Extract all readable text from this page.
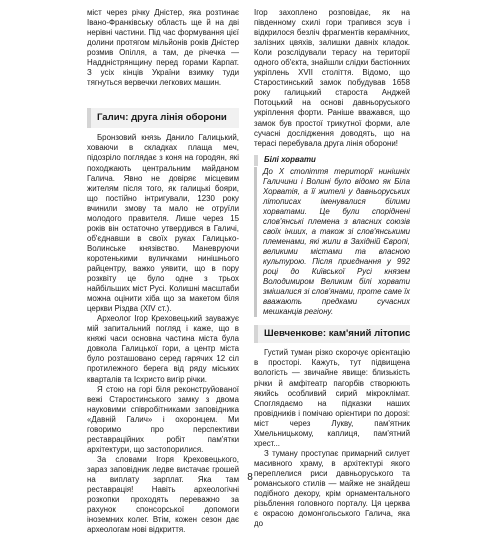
міст через річку Дністер, яка розтинає Івано-Франківську область ще й на дві нерівні частини. Під час формування цієї долини протягом мільйонів років Дністер розмив Опілля, а там, де річечка — Наддністрянщину перед горами Карпат. З усіх кінців України взимку туди тягнуться вервечки легкових машин.

Галич: друга лінія оборони

Бронзовий князь Данило Галицький, ховаючи в складках плаща меч, підозріло поглядає з коня на городян, які походжають центральним майданом Галича. Явно не довіряє місцевим жителям після того, як галицькі бояри, що постійно інтригували, 1230 року вчинили змову та мало не отруїли молодого правителя. Лише через 15 років він остаточно утвердився в Галичі, об'єднавши в своїх руках Галицько-Волинське князівство. Маневруючи коротенькими вуличками нинішнього райцентру, важко уявити, що в пору розквіту це було одне з трьох найбільших міст Русі. Колишні масштаби можна оцінити хіба що за макетом біля церкви Різдва (XIV ст.).

Археолог Ігор Креховецький зауважує мій запитальний погляд і каже, що в княжі часи основна частина міста була довкола Галицької гори, а центр міста було розташовано серед гарячих 12 сіл протилежного берега від ряду міських кварталів та Ісхристо вигір річки.

Я стою на горі біля реконструйованої вежі Старостинського замку з двома науковими співробітниками заповідника «Давній Галич» і охоронцем. Ми говоримо про перспективи реставраційних робіт пам'ятки архітектури, що застопорилися.

За словами Ігоря Креховецького, зараз заповідник ледве вистачає грошей на виплату зарплат. Яка там реставрація! Навіть археологічні розкопки проходять переважно за рахунок спонсорської допомоги іноземних колег. Втім, кожен сезон дає археологам нові відкриття.

Ігор захоплено розповідає, як на південному схилі гори трапився зсув і відкрилося безліч фрагментів керамічних, залізних цвяхів, залишки давніх кладок. Коли розслідували терасу на території одного об'єкта, знайшли слідки бастіонних укріплень XVII століття. Відомо, що Старостинський замок побудував 1658 року галицький староста Анджей Потоцький на основі давньоруського укріплення форти. Раніше вважався, що замок був простої трикутної форми, але сучасні дослідження доводять, що на терасі перебувала друга лінія оборони!

Білі хорвати

До X століття території нинішніх Галичини і Волині було відомо як Біла Хорватія, а її жителі у давньоруських літописах іменувалися білими хорватами. Це були споріднені слов'янські племена з власних союзів своїх інших, а також зі слов'янськими племенами, які жили в Західній Європі, великими містами та власною культурою. Після приєднання у 992 році до Київської Русі князем Володимиром Великим білі хорвати змішалися зі слов'янами, проте саме їх вважають предками сучасних мешканців регіону.

Шевченкове: кам'яний літопис

Густий туман різко скорочує орієнтацію в просторі. Кажуть, тут підвищена вологість — звичайне явище: близькість річки й амфітеатр пагорбів створюють якийсь особливий сирий мікроклімат. Споглядаємо на підказки наших провідників і помічаю орієнтири по дорозі: міст через Лукву, пам'ятник Хмельницькому, каплиця, пам'ятний хрест...

З туману проступає примарний силует масивного храму, в архітектурі якого переплелися риси давньоруського та романського стилів — майже не знайдеш подібного декору, крім орнаментального різьблення головного порталу. Ця церква є окрасою домонгольського Галича, яка до

8
